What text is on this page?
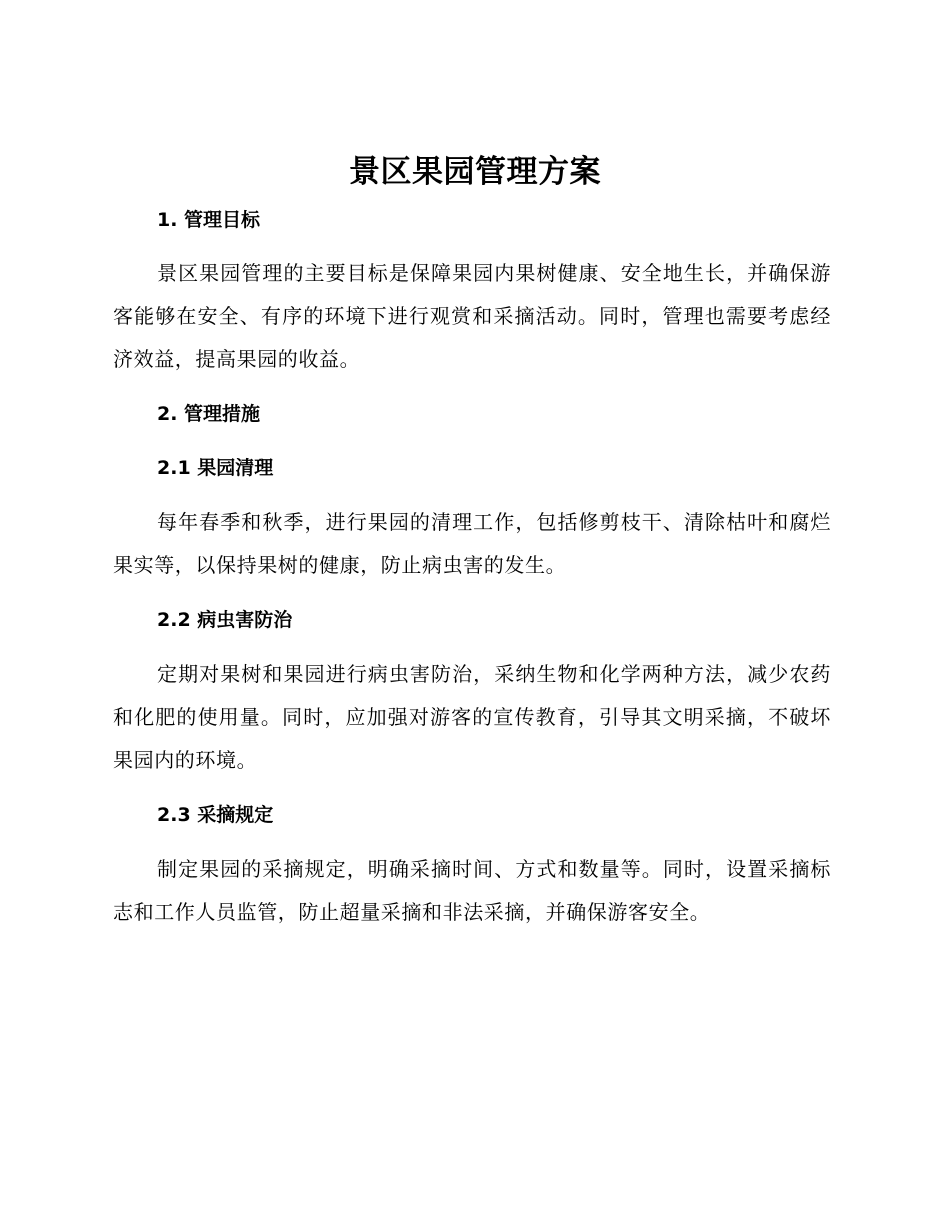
景区果园管理方案
1. 管理目标
景区果园管理的主要目标是保障果园内果树健康、安全地生长，并确保游客能够在安全、有序的环境下进行观赏和采摘活动。同时，管理也需要考虑经济效益，提高果园的收益。
2. 管理措施
2.1 果园清理
每年春季和秋季，进行果园的清理工作，包括修剪枝干、清除枯叶和腐烂果实等，以保持果树的健康，防止病虫害的发生。
2.2 病虫害防治
定期对果树和果园进行病虫害防治，采纳生物和化学两种方法，减少农药和化肥的使用量。同时，应加强对游客的宣传教育，引导其文明采摘，不破坏果园内的环境。
2.3 采摘规定
制定果园的采摘规定，明确采摘时间、方式和数量等。同时，设置采摘标志和工作人员监管，防止超量采摘和非法采摘，并确保游客安全。
